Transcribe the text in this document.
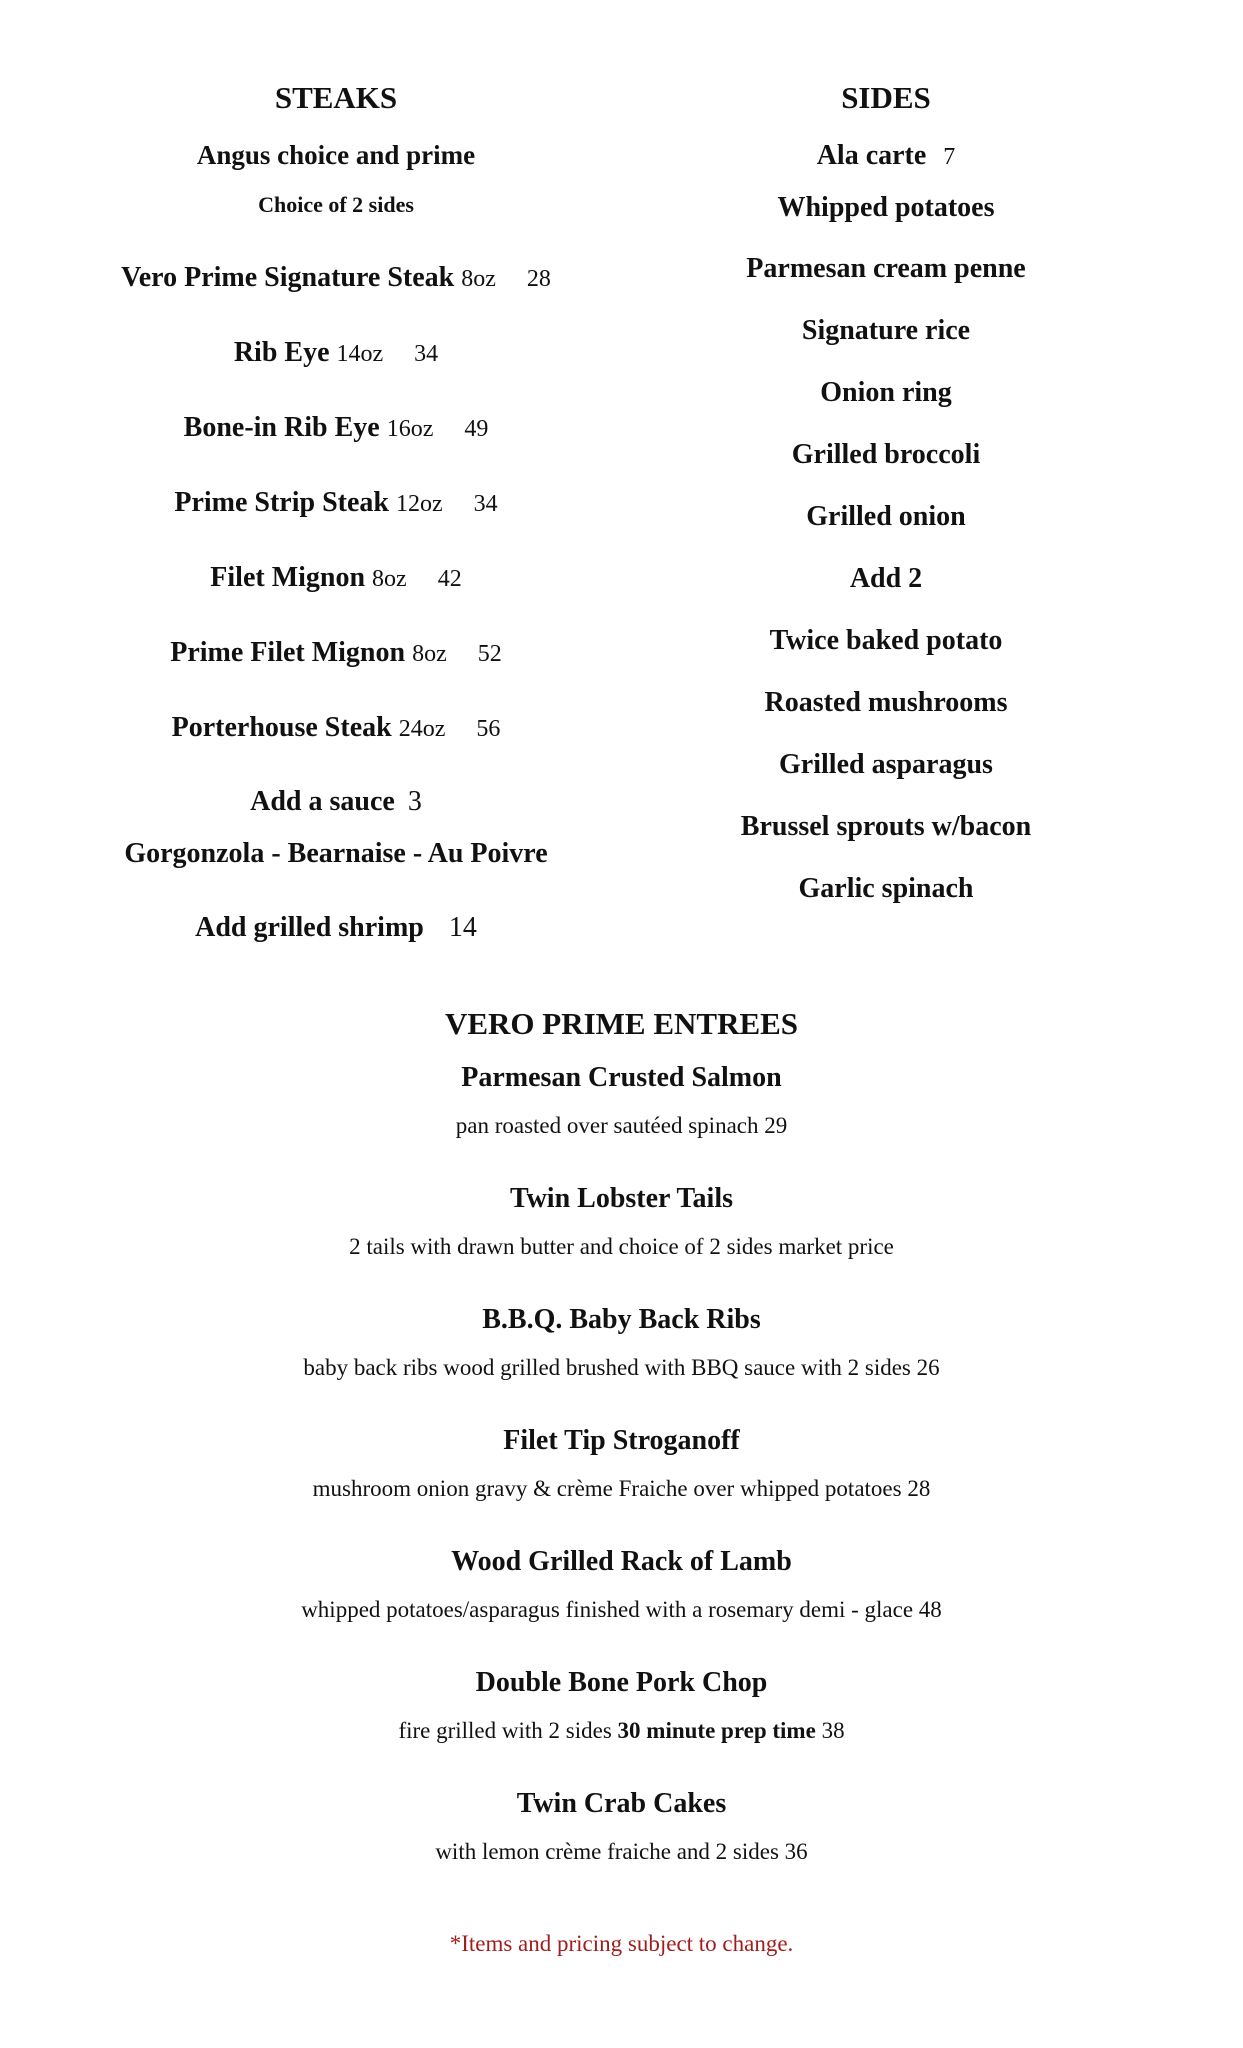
STEAKS
Angus choice and prime
Choice of 2 sides
Vero Prime Signature Steak 8oz 28
Rib Eye 14oz 34
Bone-in Rib Eye 16oz 49
Prime Strip Steak 12oz 34
Filet Mignon 8oz 42
Prime Filet Mignon 8oz 52
Porterhouse Steak 24oz 56
Add a sauce 3
Gorgonzola - Bearnaise - Au Poivre
Add grilled shrimp 14
SIDES
Ala carte 7
Whipped potatoes
Parmesan cream penne
Signature rice
Onion ring
Grilled broccoli
Grilled onion
Add 2
Twice baked potato
Roasted mushrooms
Grilled asparagus
Brussel sprouts w/bacon
Garlic spinach
VERO PRIME ENTREES
Parmesan Crusted Salmon
pan roasted over sautéed spinach 29
Twin Lobster Tails
2 tails with drawn butter and choice of 2 sides market price
B.B.Q. Baby Back Ribs
baby back ribs wood grilled brushed with BBQ sauce with 2 sides 26
Filet Tip Stroganoff
mushroom onion gravy & crème Fraiche over whipped potatoes 28
Wood Grilled Rack of Lamb
whipped potatoes/asparagus finished with a rosemary demi - glace 48
Double Bone Pork Chop
fire grilled with 2 sides 30 minute prep time 38
Twin Crab Cakes
with lemon crème fraiche and 2 sides 36
*Items and pricing subject to change.
